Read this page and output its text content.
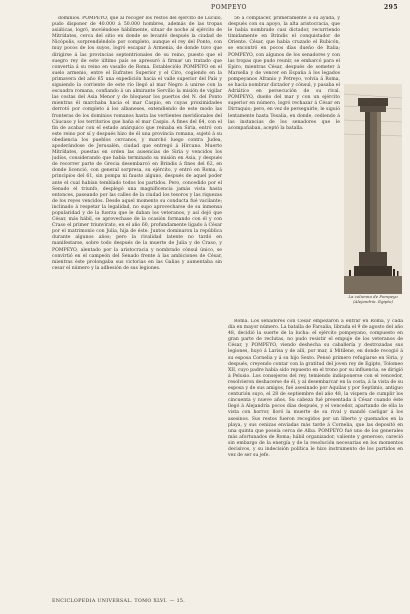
POMPEYO	295

dominios. POMPEYO, que al recoger los restos del ejército de Lúculo, pudo disponer de 40.000 á 50.000 hombres, además de las tropas asiáticas, logró, moviéndose hábilmente, situar de noche al ejército de Mitrídates, cerca del sitio en donde se levantó después la ciudad de Nicópolis, sorprendiéndolo por completo, aunque el rey del Ponto, con muy pocos de los suyos, logró escapar á Armenia, de donde tuvo que dirigirse á las provincias septentrionales de su reino, puesto que el suegro rey de este último país se apresuró á firmar un tratado que convertía á su reino en vasallo de Roma. Estableciólo POMPEYO en el suelo armenio, entre el Eufrates Superior y el Ciro, cogiendo en la primavera del año 65 una expedición hacia el valle superior del País y siguiendo la corriente de este río llegó al mar Negro á unirse con la escuadra romana, confiando á un almirante Servilio la misión de vigilar las costas del Asia Menor y de bloquear los puertos del N. del Ponto mientras él marchaba hacia el mar Caspio, en cuyas proximidades derrotó por completo á los albaneses, extendiendo de este modo las fronteras de los dominios romanos hasta las vertientes meridionales del Cáucaso y los territorios que baña el mar Caspio. A fines del 64, con el fin de acabar con el estado anárquico que reinaba en Siria, entró con este reino por sí y después hizo de él una provincia romana, sujetó á su obediencia los pueblos cercanos, y marchó luego contra Judea, apoderándose de Jerusalén, ciudad que entregó á Hircano. Muerto Mitrídates, puestas en orden las ausencias de Siria y vencidos los judíos, considerando que había terminado su misión en Asia, y después de recorrer parte de Grecia desembarcó en Brindis á fines del 62, en donde licenció, con general sorpresa, su ejército, y entró en Roma, á principios del 61, sin pompa ni fausto alguno, después de aquel poder ante el cual habían temblado todos los partidos. Pero, concedido por el Senado el triunfo, desplegó una magnificencia jamás vista hasta entonces, paseando por las calles de la ciudad los tesoros y las riquezas de los reyes vencidos. Desde aquel momento su conducta fué vacilante; inclinado á respetar la legalidad, no supo aprovecharse de su inmensa popularidad y de la fuerza que le daban los veteranos, y así dejó que César, más hábil, se aprovechase de la ocasión formando con él y con Craso el primer triunvirato, en el año 60, profundamente ligado á César por el matrimonio con Julia, hija de éste. Juntos dominaron la república durante algunos años; pero la rivalidad latente no tardó en manifestarse, sobre todo después de la muerte de Julia y de Craso, y POMPEYO, alentado por la aristocracia y nombrado cónsul único, se convirtió en el campeón del Senado frente á las ambiciones de César, mientras éste prolongaba sus victorias en las Galias y aumentaba sin cesar el número y la adhesión de sus legiones.

56 á complacer, primeramente á su ayuda, y después con su apoyo, la alta aristocracia, que le había nombrado casi dictador, recurriendo tímidamente en Brindis el conquistador de Oriente. César, que había cruzado el Rubicón, se encontró en pocos días dueño de Italia; POMPEYO, con algunos de los senadores y con las tropas que pudo reunir, se embarcó para el Epiro, mientras César, después de someter á Marsella y de vencer en España á los legados pompeyanos Afranio y Petreyo, volvía á Roma, se hacía nombrar dictador y cónsul, y pasaba el Adriático en persecución de su rival. POMPEYO, dueño del mar y con un ejército superior en número, logró rechazar á César en Dirraquio; pero, en vez de perseguirle, le siguió lentamente hasta Tesalia, en donde, cediendo á las instancias de los senadores que le acompañaban, aceptó la batalla.

La columna de Pompeyo (Alejandría. Egipto)

Roma. Los senadores con César empezaron á entrar en Roma, y cada día en mayor número. La batalla de Farsalia, librada el 9 de agosto del año 48, decidió la suerte de la lucha: el ejército pompeyano, compuesto en gran parte de reclutas, no pudo resistir el empuje de los veteranos de César, y POMPEYO, viendo deshecha su caballería y destrozadas sus legiones, huyó á Larisa y de allí, por mar, á Mitilene, en donde recogió á su esposa Cornelia y á su hijo Sexto. Pensó primero refugiarse en Siria, y después, creyendo contar con la gratitud del joven rey de Egipto, Tolomeo XII, cuyo padre había sido repuesto en el trono por su influencia, se dirigió á Pelusio. Los consejeros del rey, temiendo indisponerse con el vencedor, resolvieron deshacerse de él, y al desembarcar en la costa, á la vista de su esposa y de sus amigos, fué asesinado por Aquilas y por Septimio, antiguo centurión suyo, el 28 de septiembre del año 48, la víspera de cumplir los cincuenta y nueve años. Su cabeza fué presentada á César cuando éste llegó á Alejandría pocos días después, y el vencedor, apartando de ella la vista con horror, lloró la muerte de su rival y mandó castigar á los asesinos. Sus restos fueron recogidos por un liberto y quemados en la playa, y sus cenizas enviadas más tarde á Cornelia, que las depositó en una quinta que poseía cerca de Alba. POMPEYO fué uno de los generales más afortunados de Roma; hábil organizador, valiente y generoso, careció sin embargo de la energía y de la resolución necesarias en los momentos decisivos, y su indecisión política le hizo instrumento de los partidos en vez de ser su jefe.

ENCICLOPEDIA UNIVERSAL. TOMO XLVI. — 15.
